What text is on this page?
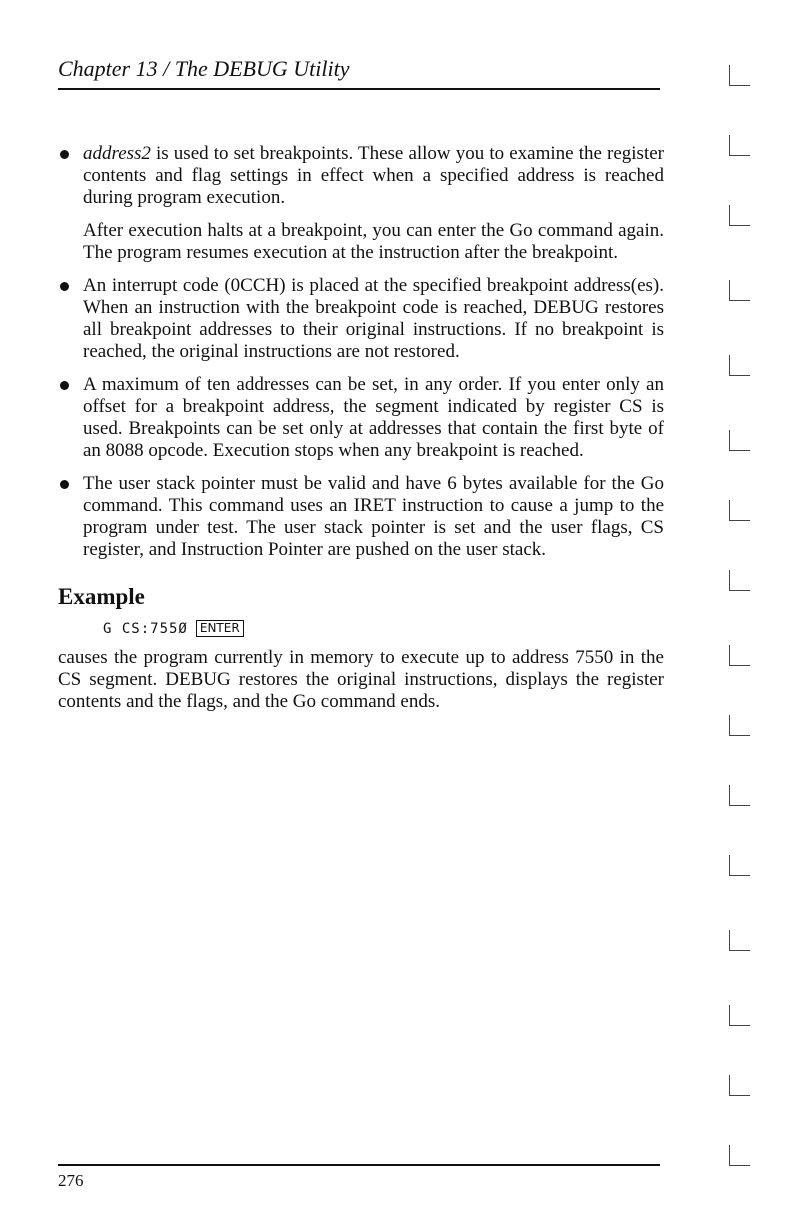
Chapter 13 / The DEBUG Utility

address2 is used to set breakpoints. These allow you to examine the register contents and flag settings in effect when a specified address is reached during program execution.

After execution halts at a breakpoint, you can enter the Go command again. The program resumes execution at the instruction after the breakpoint.

An interrupt code (0CCH) is placed at the specified breakpoint address(es). When an instruction with the breakpoint code is reached, DEBUG restores all breakpoint addresses to their original instructions. If no breakpoint is reached, the original instructions are not restored.

A maximum of ten addresses can be set, in any order. If you enter only an offset for a breakpoint address, the segment indicated by register CS is used. Breakpoints can be set only at addresses that contain the first byte of an 8088 opcode. Execution stops when any breakpoint is reached.

The user stack pointer must be valid and have 6 bytes available for the Go command. This command uses an IRET instruction to cause a jump to the program under test. The user stack pointer is set and the user flags, CS register, and Instruction Pointer are pushed on the user stack.

Example
G CS:755Ø ENTER

causes the program currently in memory to execute up to address 7550 in the CS segment. DEBUG restores the original instructions, displays the register contents and the flags, and the Go command ends.

276
